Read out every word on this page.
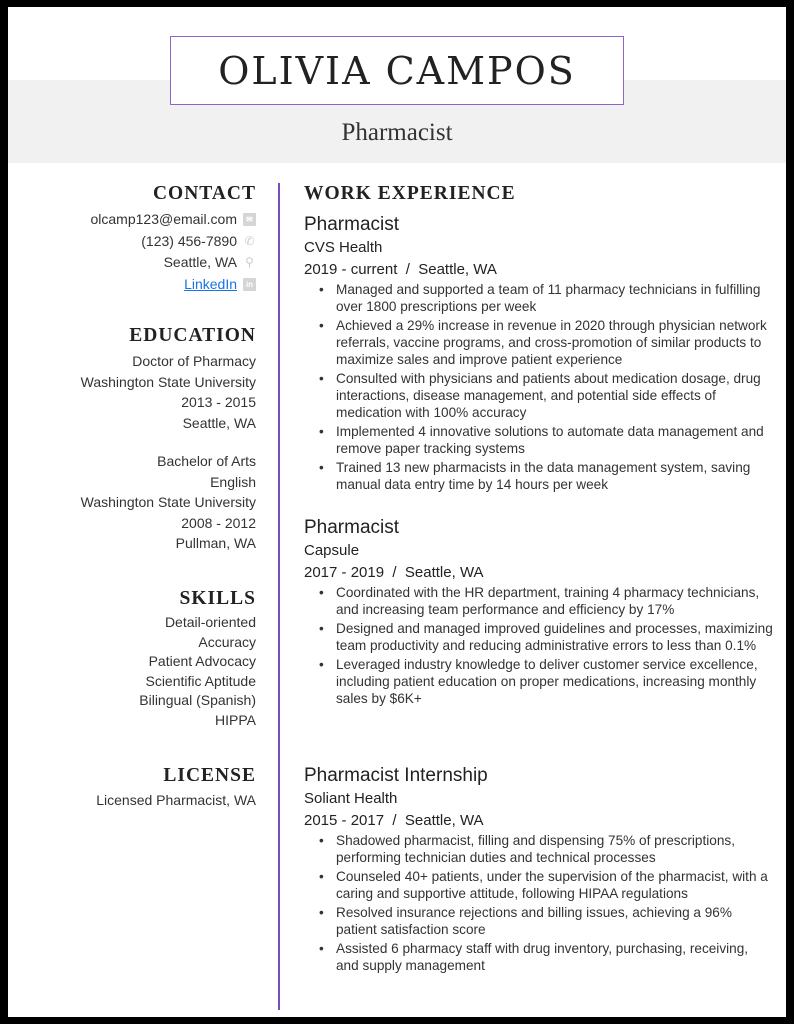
OLIVIA CAMPOS
Pharmacist
CONTACT
olcamp123@email.com	✉
(123) 456-7890 ✆
Seattle, WA ⚲
LinkedIn	in
EDUCATION
Doctor of Pharmacy
Washington State University
2013 - 2015
Seattle, WA
Bachelor of Arts
English
Washington State University
2008 - 2012
Pullman, WA
SKILLS
Detail-oriented
Accuracy
Patient Advocacy
Scientific Aptitude
Bilingual (Spanish)
HIPPA
LICENSE
Licensed Pharmacist, WA
WORK EXPERIENCE
Pharmacist
CVS Health
2019 - current  /  Seattle, WA
• Managed and supported a team of 11 pharmacy technicians in fulfilling over 1800 prescriptions per week
• Achieved a 29% increase in revenue in 2020 through physician network referrals, vaccine programs, and cross-promotion of similar products to maximize sales and improve patient experience
• Consulted with physicians and patients about medication dosage, drug interactions, disease management, and potential side effects of medication with 100% accuracy
• Implemented 4 innovative solutions to automate data management and remove paper tracking systems
• Trained 13 new pharmacists in the data management system, saving manual data entry time by 14 hours per week
Pharmacist
Capsule
2017 - 2019  /  Seattle, WA
• Coordinated with the HR department, training 4 pharmacy technicians, and increasing team performance and efficiency by 17%
• Designed and managed improved guidelines and processes, maximizing team productivity and reducing administrative errors to less than 0.1%
• Leveraged industry knowledge to deliver customer service excellence, including patient education on proper medications, increasing monthly sales by $6K+
Pharmacist Internship
Soliant Health
2015 - 2017  /  Seattle, WA
• Shadowed pharmacist, filling and dispensing 75% of prescriptions, performing technician duties and technical processes
• Counseled 40+ patients, under the supervision of the pharmacist, with a caring and supportive attitude, following HIPAA regulations
• Resolved insurance rejections and billing issues, achieving a 96% patient satisfaction score
• Assisted 6 pharmacy staff with drug inventory, purchasing, receiving, and supply management
